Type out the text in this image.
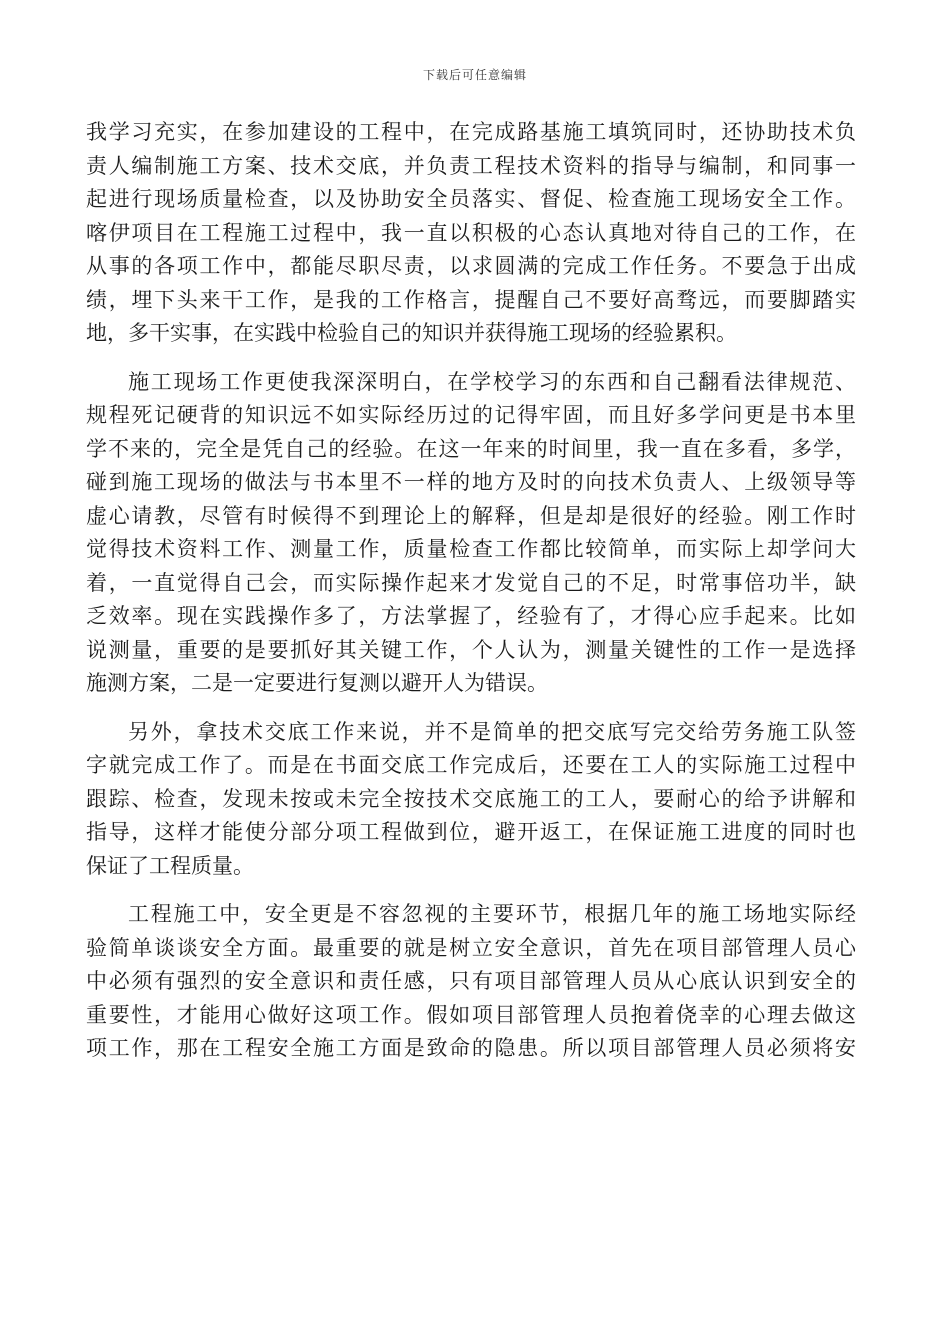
下载后可任意编辑

我学习充实，在参加建设的工程中，在完成路基施工填筑同时，还协助技术负
责人编制施工方案、技术交底，并负责工程技术资料的指导与编制，和同事一
起进行现场质量检查，以及协助安全员落实、督促、检查施工现场安全工作。
喀伊项目在工程施工过程中，我一直以积极的心态认真地对待自己的工作，在
从事的各项工作中，都能尽职尽责，以求圆满的完成工作任务。不要急于出成
绩，埋下头来干工作，是我的工作格言，提醒自己不要好高骛远，而要脚踏实
地，多干实事，在实践中检验自己的知识并获得施工现场的经验累积。

施工现场工作更使我深深明白，在学校学习的东西和自己翻看法律规范、
规程死记硬背的知识远不如实际经历过的记得牢固，而且好多学问更是书本里
学不来的，完全是凭自己的经验。在这一年来的时间里，我一直在多看，多学，
碰到施工现场的做法与书本里不一样的地方及时的向技术负责人、上级领导等
虚心请教，尽管有时候得不到理论上的解释，但是却是很好的经验。刚工作时
觉得技术资料工作、测量工作，质量检查工作都比较简单，而实际上却学问大
着，一直觉得自己会，而实际操作起来才发觉自己的不足，时常事倍功半，缺
乏效率。现在实践操作多了，方法掌握了，经验有了，才得心应手起来。比如
说测量，重要的是要抓好其关键工作，个人认为，测量关键性的工作一是选择
施测方案，二是一定要进行复测以避开人为错误。

另外，拿技术交底工作来说，并不是简单的把交底写完交给劳务施工队签
字就完成工作了。而是在书面交底工作完成后，还要在工人的实际施工过程中
跟踪、检查，发现未按或未完全按技术交底施工的工人，要耐心的给予讲解和
指导，这样才能使分部分项工程做到位，避开返工，在保证施工进度的同时也
保证了工程质量。

工程施工中，安全更是不容忽视的主要环节，根据几年的施工场地实际经
验简单谈谈安全方面。最重要的就是树立安全意识，首先在项目部管理人员心
中必须有强烈的安全意识和责任感，只有项目部管理人员从心底认识到安全的
重要性，才能用心做好这项工作。假如项目部管理人员抱着侥幸的心理去做这
项工作，那在工程安全施工方面是致命的隐患。所以项目部管理人员必须将安
